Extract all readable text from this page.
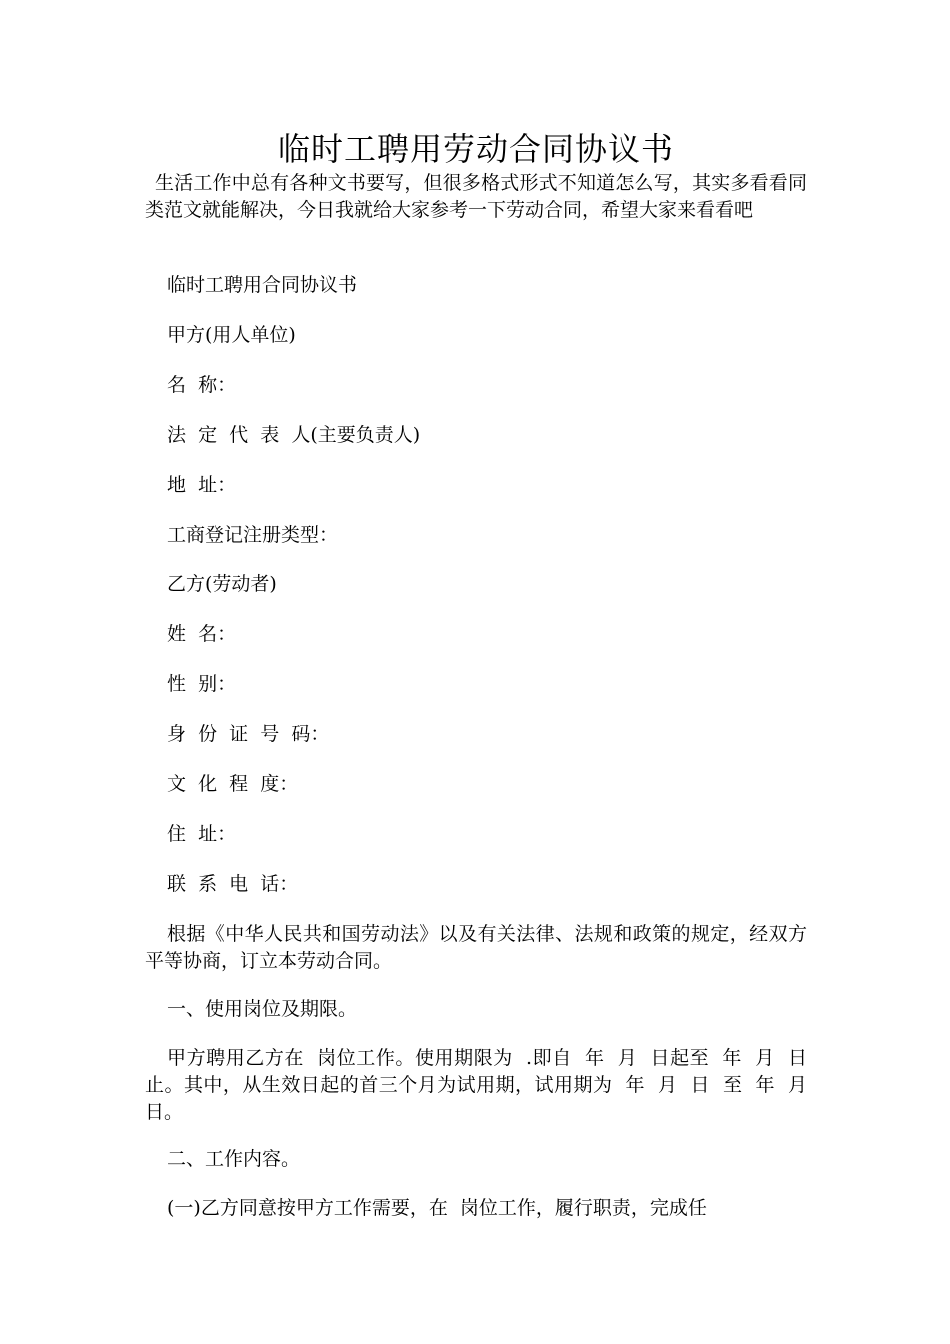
临时工聘用劳动合同协议书
生活工作中总有各种文书要写，但很多格式形式不知道怎么写，其实多看看同类范文就能解决，今日我就给大家参考一下劳动合同，希望大家来看看吧
临时工聘用合同协议书
甲方(用人单位)
名  称：
法  定  代  表  人(主要负责人)
地  址：
工商登记注册类型：
乙方(劳动者)
姓  名：
性  别：
身  份  证  号  码：
文  化  程  度：
住  址：
联  系  电  话：
根据《中华人民共和国劳动法》以及有关法律、法规和政策的规定，经双方平等协商，订立本劳动合同。
一、使用岗位及期限。
甲方聘用乙方在  岗位工作。使用期限为  .即自  年  月  日起至  年  月  日止。其中，从生效日起的首三个月为试用期，试用期为  年  月  日  至  年  月  日。
二、工作内容。
(一)乙方同意按甲方工作需要，在  岗位工作，履行职责，完成任
